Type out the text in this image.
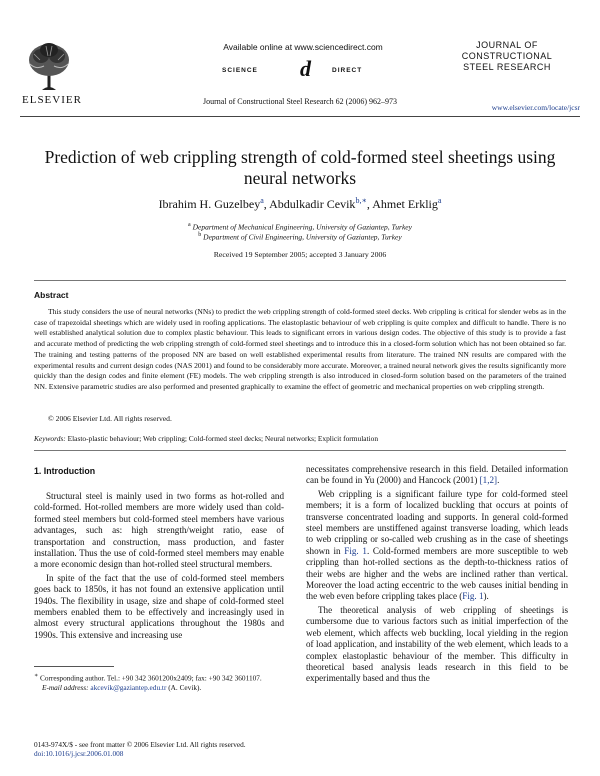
ELSEVIER
Available online at www.sciencedirect.com
SCIENCE d	DIRECT
Journal of Constructional Steel Research 62 (2006) 962–973
JOURNAL OF
CONSTRUCTIONAL
STEEL RESEARCH
www.elsevier.com/locate/jcsr
Prediction of web crippling strength of cold-formed steel sheetings using neural networks
Ibrahim H. Guzelbey$^a$, Abdulkadir Cevik$^{b,∗}$, Ahmet Erklig$^a$
$^a$ Department of Mechanical Engineering, University of Gaziantep, Turkey
$^b$ Department of Civil Engineering, University of Gaziantep, Turkey
Received 19 September 2005; accepted 3 January 2006
Abstract
This study considers the use of neural networks (NNs) to predict the web crippling strength of cold-formed steel decks. Web crippling is critical for slender webs as in the case of trapezoidal sheetings which are widely used in roofing applications. The elastoplastic behaviour of web crippling is quite complex and difficult to handle. There is no well established analytical solution due to complex plastic behaviour. This leads to significant errors in various design codes. The objective of this study is to provide a fast and accurate method of predicting the web crippling strength of cold-formed steel sheetings and to introduce this in a closed-form solution which has not been obtained so far. The training and testing patterns of the proposed NN are based on well established experimental results from literature. The trained NN results are compared with the experimental results and current design codes (NAS 2001) and found to be considerably more accurate. Moreover, a trained neural network gives the results significantly more quickly than the design codes and finite element (FE) models. The web crippling strength is also introduced in closed-form solution based on the parameters of the trained NN. Extensive parametric studies are also performed and presented graphically to examine the effect of geometric and mechanical properties on web crippling strength.
© 2006 Elsevier Ltd. All rights reserved.
Keywords: Elasto-plastic behaviour; Web crippling; Cold-formed steel decks; Neural networks; Explicit formulation
1. Introduction

Structural steel is mainly used in two forms as hot-rolled and cold-formed. Hot-rolled members are more widely used than cold-formed steel members but cold-formed steel members have various advantages, such as: high strength/weight ratio, ease of transportation and construction, mass production, and faster installation. Thus the use of cold-formed steel members may enable a more economic design than hot-rolled steel structural members.

In spite of the fact that the use of cold-formed steel members goes back to 1850s, it has not found an extensive application until 1940s. The flexibility in usage, size and shape of cold-formed steel members enabled them to be effectively and increasingly used in almost every structural applications throughout the 1980s and 1990s. This extensive and increasing use

necessitates comprehensive research in this field. Detailed information can be found in Yu (2000) and Hancock (2001) [1,2].

Web crippling is a significant failure type for cold-formed steel members; it is a form of localized buckling that occurs at points of transverse concentrated loading and supports. In general cold-formed steel members are unstiffened against transverse loading, which leads to web crippling or so-called web crushing as in the case of sheetings shown in Fig. 1. Cold-formed members are more susceptible to web crippling than hot-rolled sections as the depth-to-thickness ratios of their webs are higher and the webs are inclined rather than vertical. Moreover the load acting eccentric to the web causes initial bending in the web even before crippling takes place (Fig. 1).

The theoretical analysis of web crippling of sheetings is cumbersome due to various factors such as initial imperfection of the web element, which affects web buckling, local yielding in the region of load application, and instability of the web element, which leads to a complex elastoplastic behaviour of the member. This difficulty in theoretical based analysis leads research in this field to be experimentally based and thus the

∗ Corresponding author. Tel.: +90 342 3601200x2409; fax: +90 342 3601107.
E-mail address: akcevik@gaziantep.edu.tr (A. Cevik).
0143-974X/$ - see front matter © 2006 Elsevier Ltd. All rights reserved.
doi:10.1016/j.jcsr.2006.01.008
